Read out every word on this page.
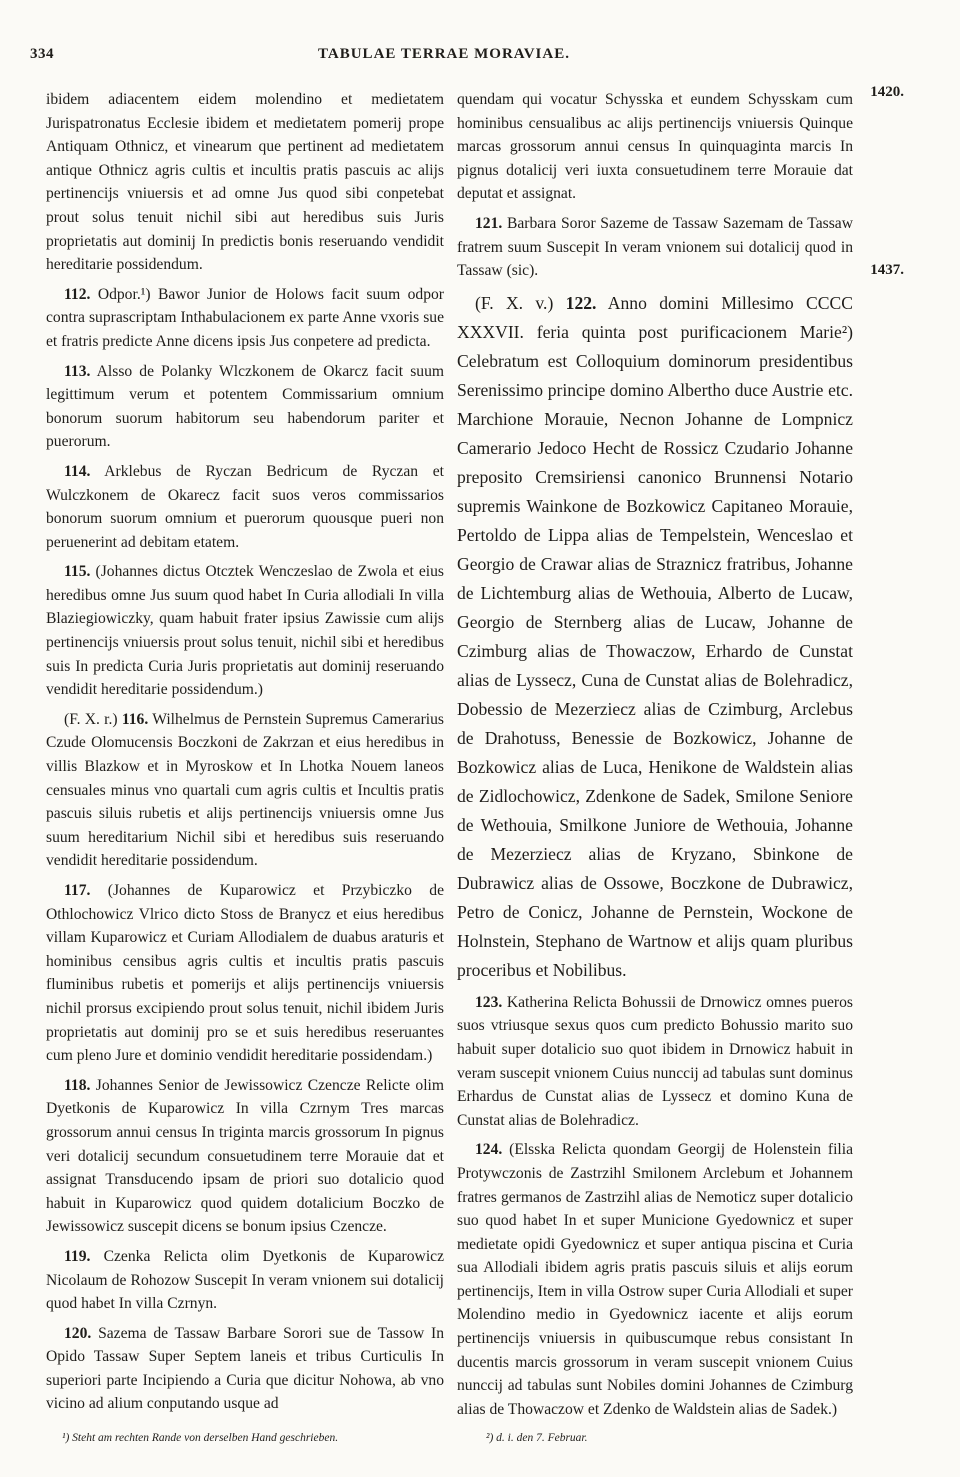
334	TABULAE TERRAE MORAVIAE.
1420.
1437.

ibidem adiacentem eidem molendino et medietatem Jurispatronatus Ecclesie ibidem et medietatem pomerij prope Antiquam Othnicz, et vinearum que pertinent ad medietatem antique Othnicz agris cultis et incultis pratis pascuis ac alijs pertinencijs vniuersis et ad omne Jus quod sibi conpetebat prout solus tenuit nichil sibi aut heredibus suis Juris proprietatis aut dominij In predictis bonis reseruando vendidit hereditarie possidendum.

112. Odpor.¹) Bawor Junior de Holows facit suum odpor contra suprascriptam Inthabulacionem ex parte Anne vxoris sue et fratris predicte Anne dicens ipsis Jus conpetere ad predicta.

113. Alsso de Polanky Wlczkonem de Okarcz facit suum legittimum verum et potentem Commissarium omnium bonorum suorum habitorum seu habendorum pariter et puerorum.

114. Arklebus de Ryczan Bedricum de Ryczan et Wulczkonem de Okarecz facit suos veros commissarios bonorum suorum omnium et puerorum quousque pueri non peruenerint ad debitam etatem.

115. (Johannes dictus Otcztek Wenczeslao de Zwola et eius heredibus omne Jus suum quod habet In Curia allodiali In villa Blaziegiowiczky, quam habuit frater ipsius Zawissie cum alijs pertinencijs vniuersis prout solus tenuit, nichil sibi et heredibus suis In predicta Curia Juris proprietatis aut dominij reseruando vendidit hereditarie possidendum.)

(F. X. r.) 116. Wilhelmus de Pernstein Supremus Camerarius Czude Olomucensis Boczkoni de Zakrzan et eius heredibus in villis Blazkow et in Myroskow et In Lhotka Nouem laneos censuales minus vno quartali cum agris cultis et Incultis pratis pascuis siluis rubetis et alijs pertinencijs vniuersis omne Jus suum hereditarium Nichil sibi et heredibus suis reseruando vendidit hereditarie possidendum.

117. (Johannes de Kuparowicz et Przybiczko de Othlochowicz Vlrico dicto Stoss de Branycz et eius heredibus villam Kuparowicz et Curiam Allodialem de duabus araturis et hominibus censibus agris cultis et incultis pratis pascuis fluminibus rubetis et pomerijs et alijs pertinencijs vniuersis nichil prorsus excipiendo prout solus tenuit, nichil ibidem Juris proprietatis aut dominij pro se et suis heredibus reseruantes cum pleno Jure et dominio vendidit hereditarie possidendam.)

118. Johannes Senior de Jewissowicz Czencze Relicte olim Dyetkonis de Kuparowicz In villa Czrnym Tres marcas grossorum annui census In triginta marcis grossorum In pignus veri dotalicij secundum consuetudinem terre Morauie dat et assignat Transducendo ipsam de priori suo dotalicio quod habuit in Kuparowicz quod quidem dotalicium Boczko de Jewissowicz suscepit dicens se bonum ipsius Czencze.

119. Czenka Relicta olim Dyetkonis de Kuparowicz Nicolaum de Rohozow Suscepit In veram vnionem sui dotalicij quod habet In villa Czrnyn.

120. Sazema de Tassaw Barbare Sorori sue de Tassow In Opido Tassaw Super Septem laneis et tribus Curticulis In superiori parte Incipiendo a Curia que dicitur Nohowa, ab vno vicino ad alium conputando usque ad

quendam qui vocatur Schysska et eundem Schysskam cum hominibus censualibus ac alijs pertinencijs vniuersis Quinque marcas grossorum annui census In quinquaginta marcis In pignus dotalicij veri iuxta consuetudinem terre Morauie dat deputat et assignat.

121. Barbara Soror Sazeme de Tassaw Sazemam de Tassaw fratrem suum Suscepit In veram vnionem sui dotalicij quod in Tassaw (sic).

(F. X. v.) 122. Anno domini Millesimo CCCC XXXVII. feria quinta post purificacionem Marie²) Celebratum est Colloquium dominorum presidentibus Serenissimo principe domino Albertho duce Austrie etc. Marchione Morauie, Necnon Johanne de Lompnicz Camerario Jedoco Hecht de Rossicz Czudario Johanne preposito Cremsiriensi canonico Brunnensi Notario supremis Wainkone de Bozkowicz Capitaneo Morauie, Pertoldo de Lippa alias de Tempelstein, Wenceslao et Georgio de Crawar alias de Straznicz fratribus, Johanne de Lichtemburg alias de Wethouia, Alberto de Lucaw, Georgio de Sternberg alias de Lucaw, Johanne de Czimburg alias de Thowaczow, Erhardo de Cunstat alias de Lyssecz, Cuna de Cunstat alias de Bolehradicz, Dobessio de Mezerziecz alias de Czimburg, Arclebus de Drahotuss, Benessie de Bozkowicz, Johanne de Bozkowicz alias de Luca, Henikone de Waldstein alias de Zidlochowicz, Zdenkone de Sadek, Smilone Seniore de Wethouia, Smilkone Juniore de Wethouia, Johanne de Mezerziecz alias de Kryzano, Sbinkone de Dubrawicz alias de Ossowe, Boczkone de Dubrawicz, Petro de Conicz, Johanne de Pernstein, Wockone de Holnstein, Stephano de Wartnow et alijs quam pluribus proceribus et Nobilibus.

123. Katherina Relicta Bohussii de Drnowicz omnes pueros suos vtriusque sexus quos cum predicto Bohussio marito suo habuit super dotalicio suo quot ibidem in Drnowicz habuit in veram suscepit vnionem Cuius nunccij ad tabulas sunt dominus Erhardus de Cunstat alias de Lyssecz et domino Kuna de Cunstat alias de Bolehradicz.

124. (Elsska Relicta quondam Georgij de Holenstein filia Protywczonis de Zastrzihl Smilonem Arclebum et Johannem fratres germanos de Zastrzihl alias de Nemoticz super dotalicio suo quod habet In et super Municione Gyedownicz et super medietate opidi Gyedownicz et super antiqua piscina et Curia sua Allodiali ibidem agris pratis pascuis siluis et alijs eorum pertinencijs, Item in villa Ostrow super Curia Allodiali et super Molendino medio in Gyedownicz iacente et alijs eorum pertinencijs vniuersis in quibuscumque rebus consistant In ducentis marcis grossorum in veram suscepit vnionem Cuius nunccij ad tabulas sunt Nobiles domini Johannes de Czimburg alias de Thowaczow et Zdenko de Waldstein alias de Sadek.)

¹) Steht am rechten Rande von derselben Hand geschrieben.	²) d. i. den 7. Februar.
